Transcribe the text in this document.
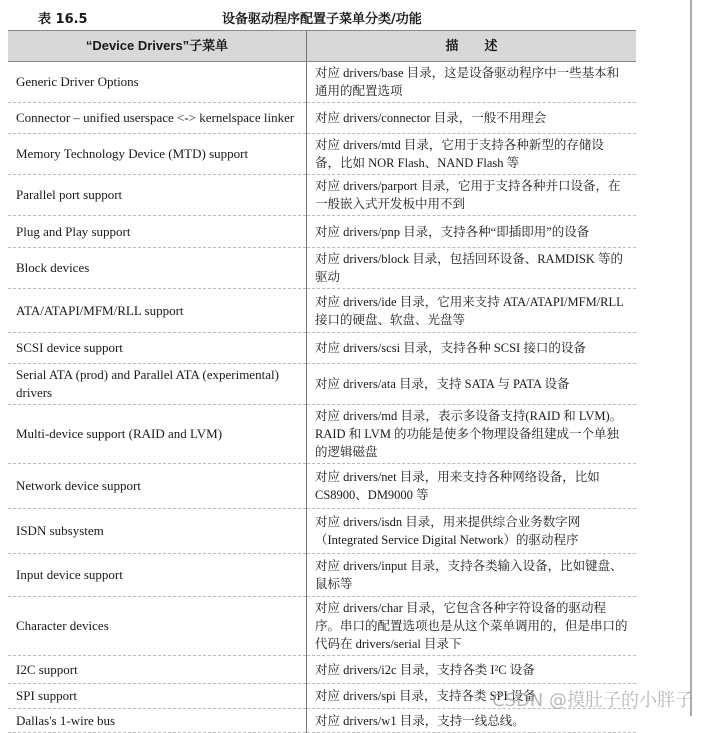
表 16.5	设备驱动程序配置子菜单分类/功能
“Device Drivers”子菜单	描　　述
Generic Driver Options	对应 drivers/base 目录，这是设备驱动程序中一些基本和通用的配置选项
Connector – unified userspace <-> kernelspace linker	对应 drivers/connector 目录，一般不用理会
Memory Technology Device (MTD) support	对应 drivers/mtd 目录，它用于支持各种新型的存储设备，比如 NOR Flash、NAND Flash 等
Parallel port support	对应 drivers/parport 目录，它用于支持各种并口设备，在一般嵌入式开发板中用不到
Plug and Play support	对应 drivers/pnp 目录，支持各种“即插即用”的设备
Block devices	对应 drivers/block 目录，包括回环设备、RAMDISK 等的驱动
ATA/ATAPI/MFM/RLL support	对应 drivers/ide 目录，它用来支持 ATA/ATAPI/MFM/RLL 接口的硬盘、软盘、光盘等
SCSI device support	对应 drivers/scsi 目录，支持各种 SCSI 接口的设备
Serial ATA (prod) and Parallel ATA (experimental) drivers	对应 drivers/ata 目录，支持 SATA 与 PATA 设备
Multi-device support (RAID and LVM)	对应 drivers/md 目录，表示多设备支持(RAID 和 LVM)。RAID 和 LVM 的功能是使多个物理设备组建成一个单独的逻辑磁盘
Network device support	对应 drivers/net 目录，用来支持各种网络设备，比如 CS8900、DM9000 等
ISDN subsystem	对应 drivers/isdn 目录，用来提供综合业务数字网（Integrated Service Digital Network）的驱动程序
Input device support	对应 drivers/input 目录，支持各类输入设备，比如键盘、鼠标等
Character devices	对应 drivers/char 目录，它包含各种字符设备的驱动程序。串口的配置选项也是从这个菜单调用的，但是串口的代码在 drivers/serial 目录下
I2C support	对应 drivers/i2c 目录，支持各类 I²C 设备
SPI support	对应 drivers/spi 目录，支持各类 SPI 设备
Dallas's 1-wire bus	对应 drivers/w1 目录，支持一线总线。
CSDN @摸肚子的小胖子
